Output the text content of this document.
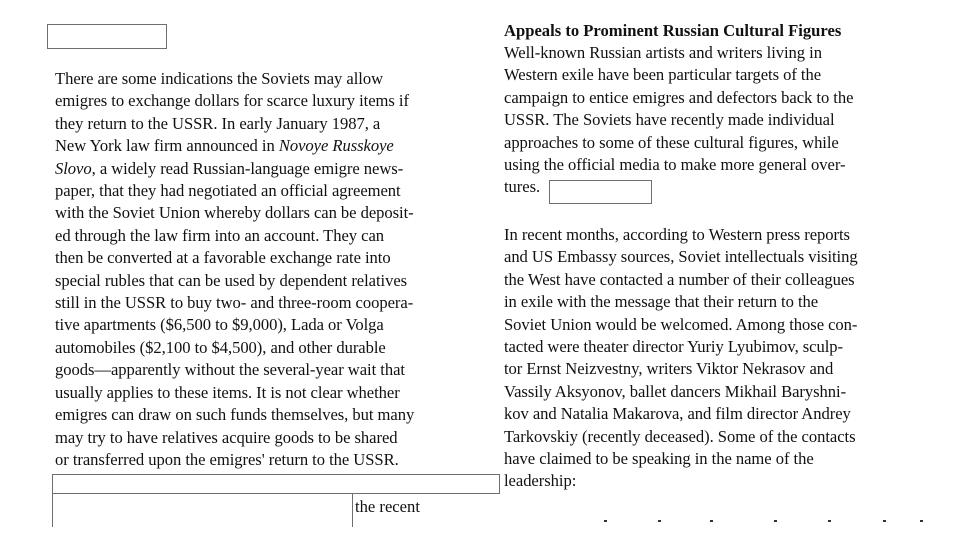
There are some indications the Soviets may allow
emigres to exchange dollars for scarce luxury items if
they return to the USSR. In early January 1987, a
New York law firm announced in Novoye Russkoye
Slovo, a widely read Russian-language emigre news-
paper, that they had negotiated an official agreement
with the Soviet Union whereby dollars can be deposit-
ed through the law firm into an account. They can
then be converted at a favorable exchange rate into
special rubles that can be used by dependent relatives
still in the USSR to buy two- and three-room coopera-
tive apartments ($6,500 to $9,000), Lada or Volga
automobiles ($2,100 to $4,500), and other durable
goods—apparently without the several-year wait that
usually applies to these items. It is not clear whether
emigres can draw on such funds themselves, but many
may try to have relatives acquire goods to be shared
or transferred upon the emigres' return to the USSR.
the recent
Appeals to Prominent Russian Cultural Figures
Well-known Russian artists and writers living in
Western exile have been particular targets of the
campaign to entice emigres and defectors back to the
USSR. The Soviets have recently made individual
approaches to some of these cultural figures, while
using the official media to make more general over-
tures.
In recent months, according to Western press reports
and US Embassy sources, Soviet intellectuals visiting
the West have contacted a number of their colleagues
in exile with the message that their return to the
Soviet Union would be welcomed. Among those con-
tacted were theater director Yuriy Lyubimov, sculp-
tor Ernst Neizvestny, writers Viktor Nekrasov and
Vassily Aksyonov, ballet dancers Mikhail Baryshni-
kov and Natalia Makarova, and film director Andrey
Tarkovskiy (recently deceased). Some of the contacts
have claimed to be speaking in the name of the
leadership:
